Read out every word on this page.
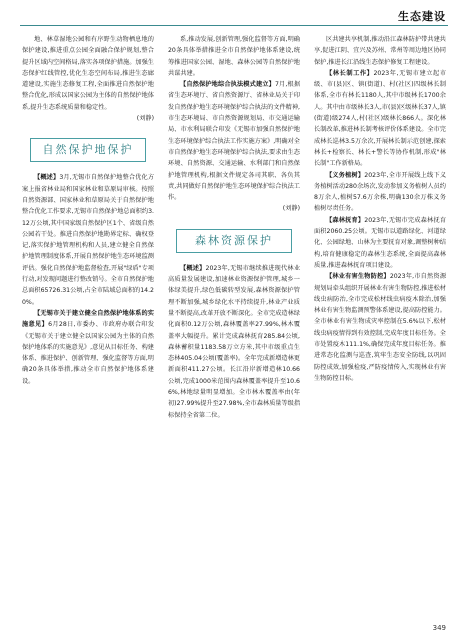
生态建设

地、林草湿地公园和有序野生动物栖息地的保护建设,推进重点公园全面融合保护规划,整合提升区域内空间格局,落实各项保护措施。加强生态保护红线管控,优化生态空间布局,推进生态廊道建设,实施生态修复工程,全面推进自然保护地整合优化,形成以国家公园为主体的自然保护地体系,提升生态系统质量和稳定性。

(刘静)

自然保护地保护

【概述】3月,无锡市自然保护地整合优化方案上报省林业局和国家林业和草原局审核。按照自然资源部、国家林业和草原局关于自然保护地整合优化工作要求,无锡市自然保护地总面积约3.12万公顷,其中国家级自然保护区1个、省级自然公园若干处。推进自然保护地勘界定标、确权登记,落实保护地管理机构和人员,建立健全自然保护地管理制度体系,开展自然保护地生态环境监测评估。强化自然保护地监督检查,开展"绿盾"专项行动,对发现问题进行整改销号。全市自然保护地总面积65726.31公顷,占全市陆域总面积的14.20%。

【无锡市关于建立健全自然保护地体系的实施意见】6月28日,市委办、市政府办联合印发《无锡市关于建立健全以国家公园为主体的自然保护地体系的实施意见》,意见从目标任务、构建体系、推进保护、创新管理、强化监督等方面,明确20条具体举措,推动全市自然保护地体系建设。

系,推动发展,创新管理,强化监督等方面,明确20条具体举措推进全市自然保护地体系建设,统筹推进国家公园、湿地、森林公园等自然保护地共谋共建。

【自然保护地综合执法模式建立】7月,根据省生态环境厅、省自然资源厅、省林业局关于印发自然保护地生态环境保护综合执法的文件精神,市生态环境局、市自然资源规划局、市交通运输局、市水利局联合印发《无锡市加强自然保护地生态环境保护综合执法工作实施方案》,明确对全市自然保护地生态环境保护综合执法,要求由生态环境、自然资源、交通运输、水利部门和自然保护地管理机构,根据文件规定各司其职、各负其责,共同做好自然保护地生态环境保护综合执法工作。

(刘静)

森林资源保护

【概述】2023年,无锡市继续推进现代林业高质量发展建设,加速林业资源保护管理,城乡一体绿美提升,绿色低碳转型发展,森林资源保护管理不断加强,城乡绿化水平持续提升,林业产业质量不断提高,改革开放不断深化。全市完成造林绿化面积0.12万公顷,森林覆盖率27.99%,林木覆盖率大幅提升。累计完成森林抚育285.84公顷,森林蓄积量1183.58万立方米,其中市级重点生态林405.04公顷(覆盖率)。全年完成新增造林更新面积411.27公顷。长江沿岸新增造林10.66公顷,完成1000米范围内森林覆盖率提升至10.66%,林地绿量明显增加。全市林木覆盖率由(年初)27.99%提升至27.98%,全市森林质量等级指标保持全省第二位。

区共建共享机制,推动沿江森林防护带共建共享,促进江阴、宜兴及苏州、常州等周边地区协同保护,推进长江沿线生态保护修复工程建设。

【林长制工作】2023年,无锡市建立起市级、市(县)区、镇(街道)、村(社区)四级林长制体系,全市有林长1180人,其中市级林长1700余人。其中由市级林长3人,市(县)区级林长37人,镇(街道)级274人,村(社区)级林长866人。深化林长制改革,推进林长制考核评价体系建设。全市完成林长巡林3.5万余次,开展林长制示范创建,探索林长+检察长、林长+警长等协作机制,形成"林长制"工作新格局。

【义务植树】2023年,全市开展线上线下义务植树活动280余场次,发动参加义务植树人员约8万余人,植树57.6万余株,明确130余万株义务植树尽责任务。

【森林抚育】2023年,无锡市完成森林抚育面积2060.25公顷。无锡市以道路绿化、河道绿化、公园绿地、山林为主要抚育对象,调整树种结构,培育健康稳定的森林生态系统,全面提高森林质量,推进森林抚育项目建设。

【林业有害生物防控】2023年,市自然资源规划局牵头组织开展林业有害生物防控,推进松材线虫病防治,全市完成松材线虫病疫木除治,加强林业有害生物监测预警体系建设,提高防控能力。全市林业有害生物成灾率控制在5.6%以下,松材线虫病疫情得到有效控制,完成年度目标任务。全市处置疫木111.1%,确保完成年度目标任务。推进常态化监测与巡查,筑牢生态安全防线,以巩固防控成效,加强检疫,严防疫情传入,实现林业有害生物防控目标。

349
